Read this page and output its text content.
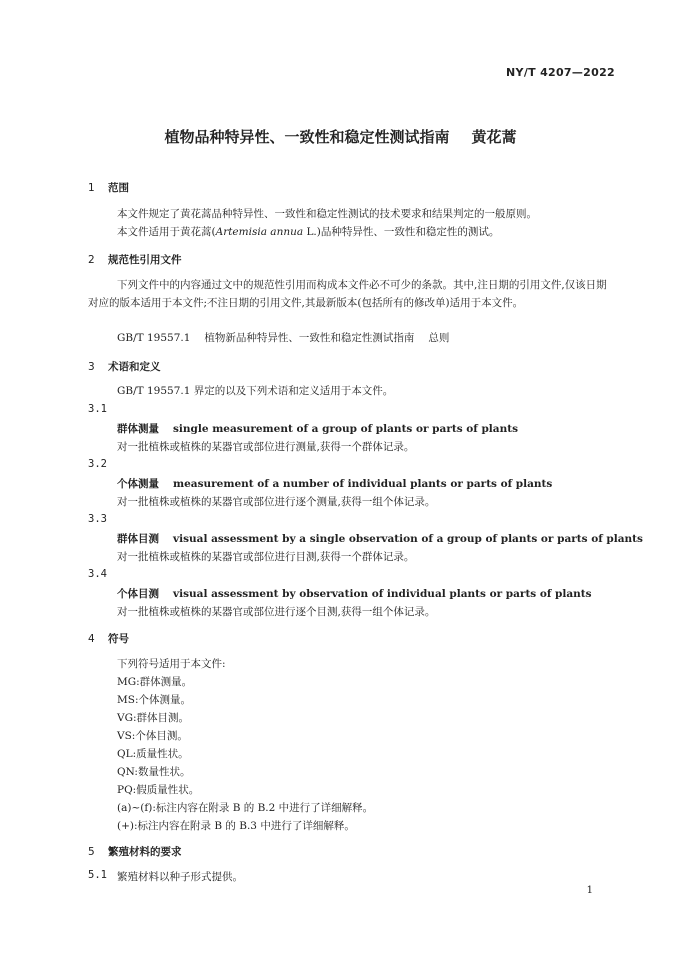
NY/T 4207—2022
植物品种特异性、一致性和稳定性测试指南 黄花蒿
1 范围
本文件规定了黄花蒿品种特异性、一致性和稳定性测试的技术要求和结果判定的一般原则。
本文件适用于黄花蒿(Artemisia annua L.)品种特异性、一致性和稳定性的测试。
2 规范性引用文件
下列文件中的内容通过文中的规范性引用而构成本文件必不可少的条款。其中,注日期的引用文件,仅该日期对应的版本适用于本文件;不注日期的引用文件,其最新版本(包括所有的修改单)适用于本文件。
GB/T 19557.1 植物新品种特异性、一致性和稳定性测试指南 总则
3 术语和定义
GB/T 19557.1 界定的以及下列术语和定义适用于本文件。
3.1
群体测量 single measurement of a group of plants or parts of plants
对一批植株或植株的某器官或部位进行测量,获得一个群体记录。
3.2
个体测量 measurement of a number of individual plants or parts of plants
对一批植株或植株的某器官或部位进行逐个测量,获得一组个体记录。
3.3
群体目测 visual assessment by a single observation of a group of plants or parts of plants
对一批植株或植株的某器官或部位进行目测,获得一个群体记录。
3.4
个体目测 visual assessment by observation of individual plants or parts of plants
对一批植株或植株的某器官或部位进行逐个目测,获得一组个体记录。
4 符号
下列符号适用于本文件:
MG:群体测量。
MS:个体测量。
VG:群体目测。
VS:个体目测。
QL:质量性状。
QN:数量性状。
PQ:假质量性状。
(a)~(f):标注内容在附录 B 的 B.2 中进行了详细解释。
(+):标注内容在附录 B 的 B.3 中进行了详细解释。
5 繁殖材料的要求
5.1 繁殖材料以种子形式提供。
1
